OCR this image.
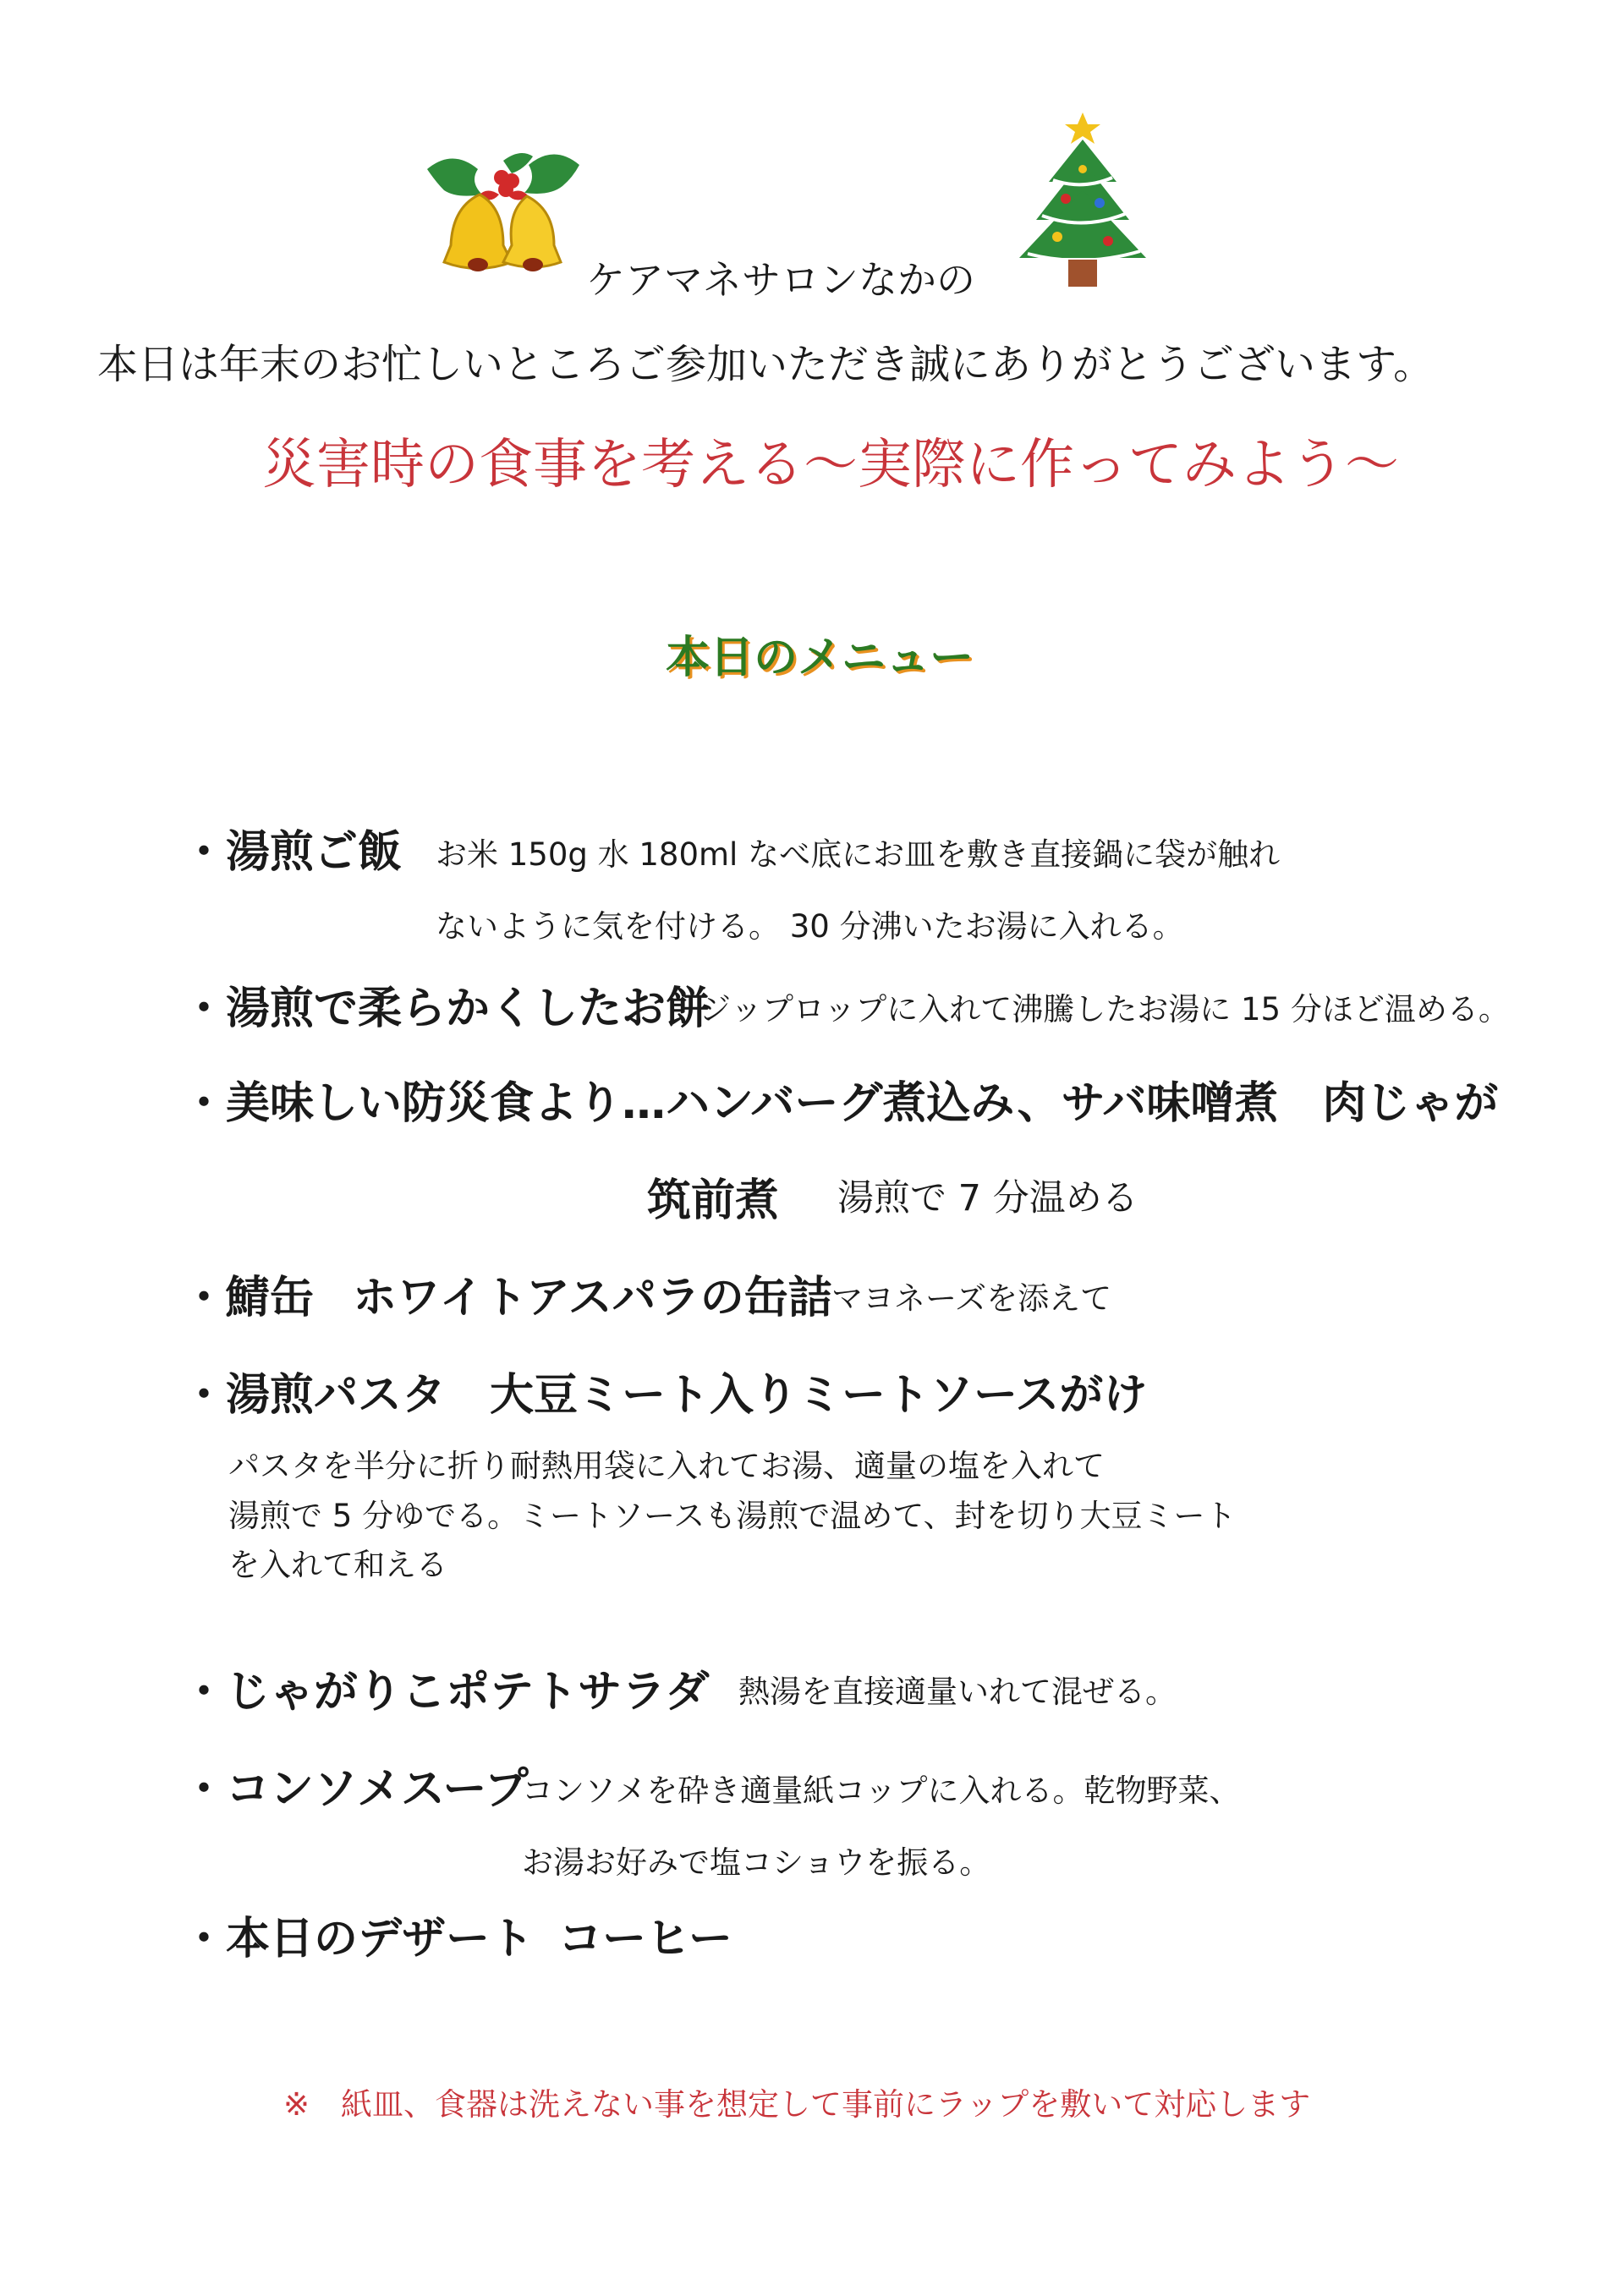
ケアマネサロンなかの
本日は年末のお忙しいところご参加いただき誠にありがとうございます。
災害時の食事を考える～実際に作ってみよう～
本日のメニュー
・湯煎ご飯 お米 150g 水 180ml なべ底にお皿を敷き直接鍋に袋が触れ
ないように気を付ける。 30 分沸いたお湯に入れる。
・湯煎で柔らかくしたお餅
ジップロップに入れて沸騰したお湯に 15 分ほど温める。
・美味しい防災食より…ハンバーグ煮込み、サバ味噌煮　肉じゃが
筑前煮 湯煎で 7 分温める
・鯖缶 ホワイトアスパラの缶詰 マヨネーズを添えて
・湯煎パスタ　大豆ミート入りミートソースがけ
パスタを半分に折り耐熱用袋に入れてお湯、適量の塩を入れて
湯煎で 5 分ゆでる。ミートソースも湯煎で温めて、封を切り大豆ミート
を入れて和える
・じゃがりこポテトサラダ 熱湯を直接適量いれて混ぜる。
・コンソメスープ
コンソメを砕き適量紙コップに入れる。乾物野菜、
お湯お好みで塩コショウを振る。
・本日のデザート コーヒー
※　紙皿、食器は洗えない事を想定して事前にラップを敷いて対応します
